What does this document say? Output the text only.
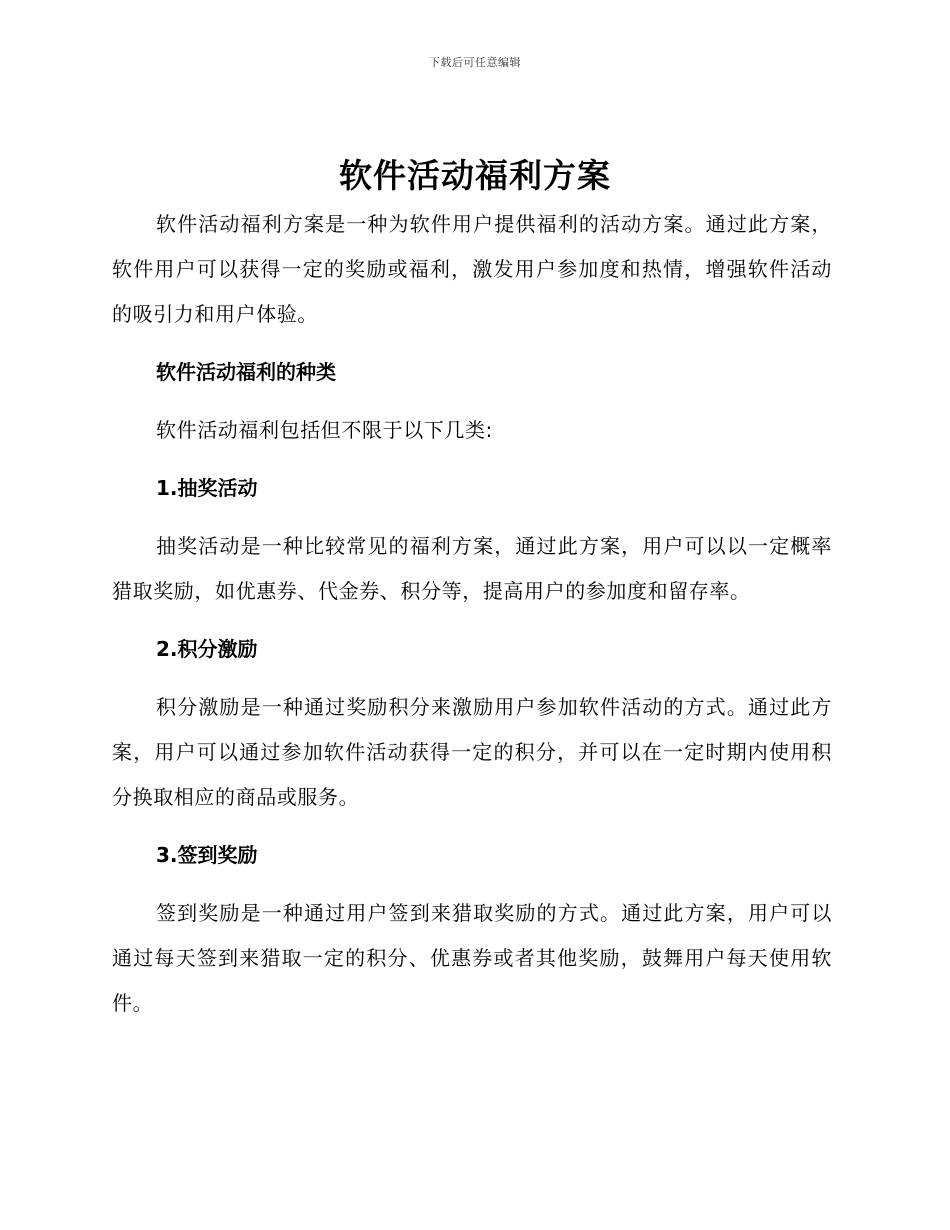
下载后可任意编辑
软件活动福利方案

软件活动福利方案是一种为软件用户提供福利的活动方案。通过此方案，软件用户可以获得一定的奖励或福利，激发用户参加度和热情，增强软件活动的吸引力和用户体验。

软件活动福利的种类

软件活动福利包括但不限于以下几类:

1.抽奖活动

抽奖活动是一种比较常见的福利方案，通过此方案，用户可以以一定概率猎取奖励，如优惠券、代金券、积分等，提高用户的参加度和留存率。

2.积分激励

积分激励是一种通过奖励积分来激励用户参加软件活动的方式。通过此方案，用户可以通过参加软件活动获得一定的积分，并可以在一定时期内使用积分换取相应的商品或服务。

3.签到奖励

签到奖励是一种通过用户签到来猎取奖励的方式。通过此方案，用户可以通过每天签到来猎取一定的积分、优惠券或者其他奖励，鼓舞用户每天使用软件。
